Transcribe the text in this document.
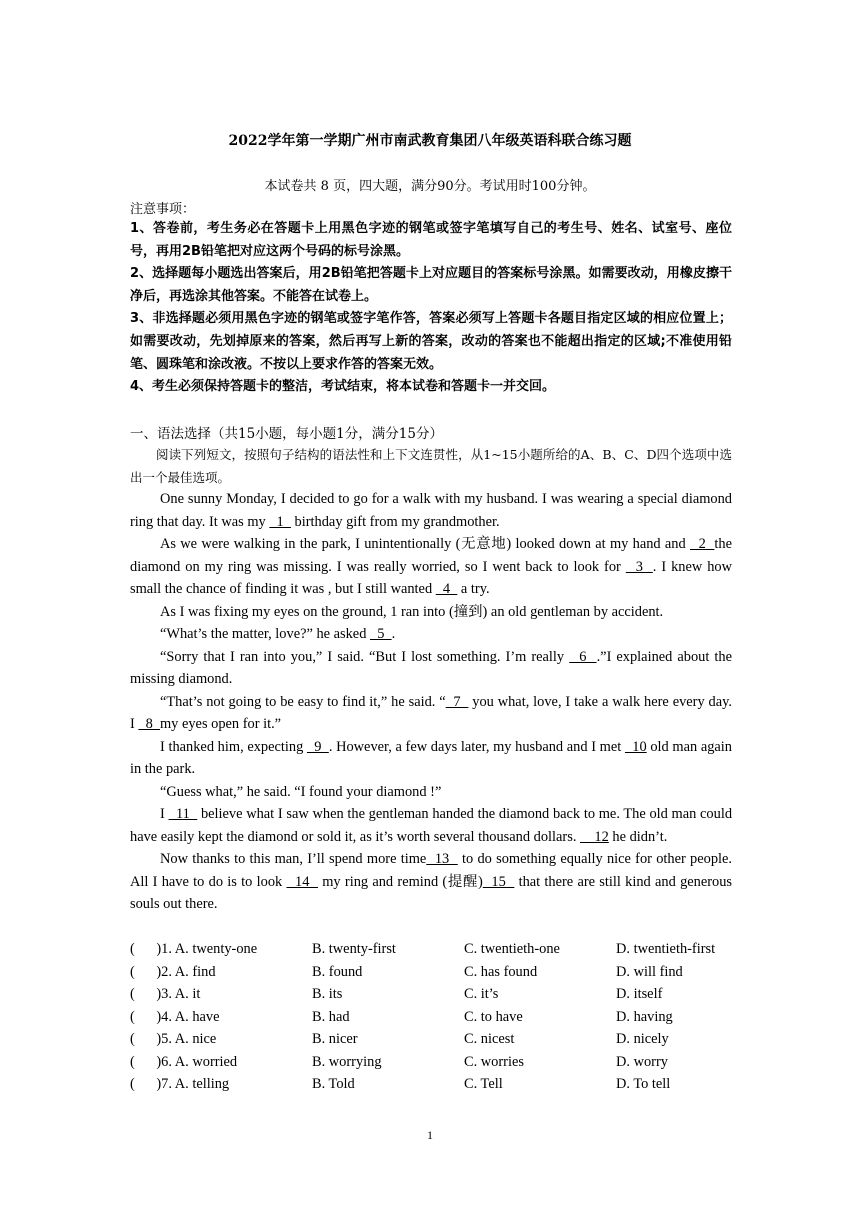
2022学年第一学期广州市南武教育集团八年级英语科联合练习题
本试卷共 8 页，四大题，满分90分。考试用时100分钟。
注意事项：

1、答卷前，考生务必在答题卡上用黑色字迹的钢笔或签字笔填写自己的考生号、姓名、试室号、座位号，再用2B铅笔把对应这两个号码的标号涂黑。

2、选择题每小题选出答案后，用2B铅笔把答题卡上对应题目的答案标号涂黑。如需要改动，用橡皮擦干净后，再选涂其他答案。不能答在试卷上。

3、非选择题必须用黑色字迹的钢笔或签字笔作答，答案必须写上答题卡各题目指定区域的相应位置上；如需要改动，先划掉原来的答案，然后再写上新的答案，改动的答案也不能超出指定的区域;不准使用铅笔、圆珠笔和涂改液。不按以上要求作答的答案无效。

4、考生必须保持答题卡的整洁，考试结束，将本试卷和答题卡一并交回。

一、语法选择（共15小题，每小题1分，满分15分）

阅读下列短文，按照句子结构的语法性和上下文连贯性，从1~15小题所给的A、B、C、D四个选项中选出一个最佳选项。

One sunny Monday, I decided to go for a walk with my husband. I was wearing a special diamond ring that day. It was my   1   birthday gift from my grandmother.

As we were walking in the park, I unintentionally (无意地) looked down at my hand and   2  the diamond on my ring was missing. I was really worried, so I went back to look for   3  . I knew how small the chance of finding it was , but I still wanted   4   a try.

As I was fixing my eyes on the ground, 1 ran into (撞到) an old gentleman by accident.

“What’s the matter, love?” he asked   5  .

“Sorry that I ran into you,” I said. “But I lost something. I’m really   6  .”I explained about the missing diamond.

“That’s not going to be easy to find it,” he said. “  7   you what, love, I take a walk here every day. I   8  my eyes open for it.”

I thanked him, expecting   9  . However, a few days later, my husband and I met   10 old man again in the park.

“Guess what,” he said. “I found your diamond !”

I   11   believe what I saw when the gentleman handed the diamond back to me. The old man could have easily kept the diamond or sold it, as it’s worth several thousand dollars.     12 he didn’t.

Now thanks to this man, I’ll spend more time  13   to do something equally nice for other people. All I have to do is to look   14   my ring and remind (提醒)  15   that there are still kind and generous souls out there.

(      )1. A. twenty-one	B. twenty-first	C. twentieth-one	D. twentieth-first
(      )2. A. find	B. found	C. has found	D. will find
(      )3. A. it	B. its	C. it’s	D. itself
(      )4. A. have	B. had	C. to have	D. having
(      )5. A. nice	B. nicer	C. nicest	D. nicely
(      )6. A. worried	B. worrying	C. worries	D. worry
(      )7. A. telling	B. Told	C. Tell	D. To tell
1
